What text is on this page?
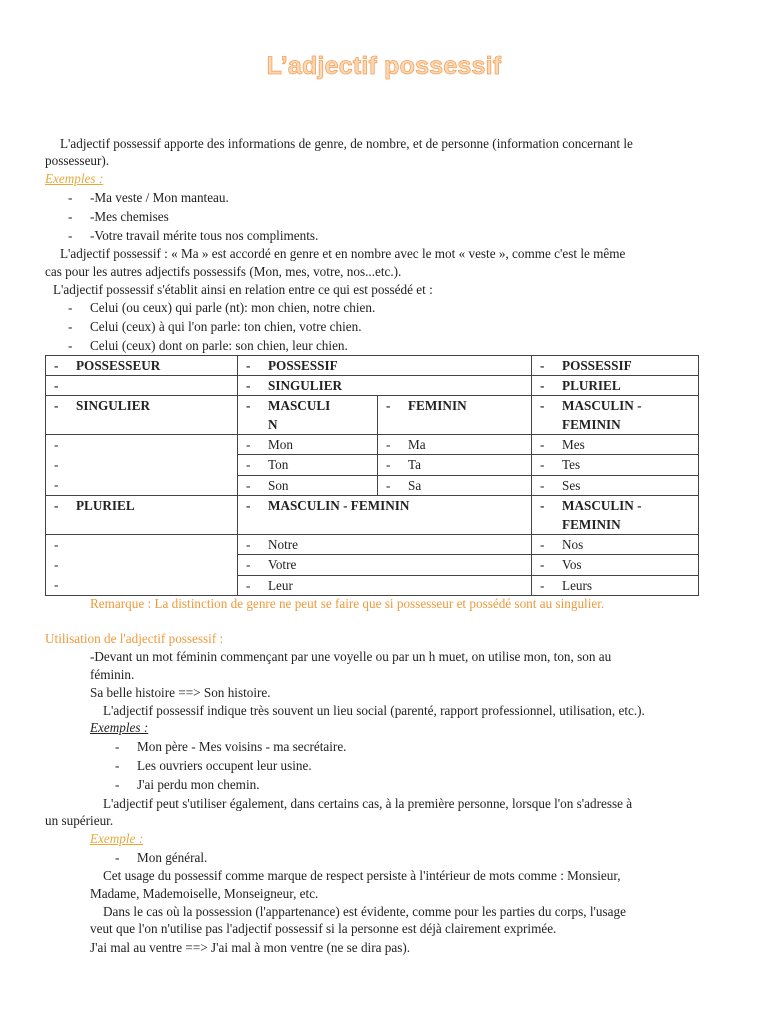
L’adjectif possessif
L'adjectif possessif apporte des informations de genre, de nombre, et de personne (information concernant le
possesseur).
Exemples :
- -Ma veste / Mon manteau.
- -Mes chemises
- -Votre travail mérite tous nos compliments.
L'adjectif possessif : « Ma » est accordé en genre et en nombre avec le mot « veste », comme c'est le même
cas pour les autres adjectifs possessifs (Mon, mes, votre, nos...etc.).
L'adjectif possessif s'établit ainsi en relation entre ce qui est possédé et :
- Celui (ou ceux) qui parle (nt): mon chien, notre chien.
- Celui (ceux) à qui l'on parle: ton chien, votre chien.
- Celui (ceux) dont on parle: son chien, leur chien.
- POSSESSEUR	- POSSESSIF		- POSSESSIF
-	- SINGULIER		- PLURIEL
- SINGULIER	- MASCULI
N	- FEMININ	- MASCULIN -
FEMININ

-
-
-	- Mon	- Ma	- Mes
	- Ton	- Ta	- Tes
	- Son	- Sa	- Ses
- PLURIEL	- MASCULIN - FEMININ		- MASCULIN -
FEMININ

-
-
-	- Notre		- Nos
	- Votre		- Vos
	- Leur		- Leurs
Remarque : La distinction de genre ne peut se faire que si possesseur et possédé sont au singulier.
Utilisation de l'adjectif possessif :
-Devant un mot féminin commençant par une voyelle ou par un h muet, on utilise mon, ton, son au
féminin.
Sa belle histoire ==> Son histoire.
L'adjectif possessif indique très souvent un lieu social (parenté, rapport professionnel, utilisation, etc.).
Exemples :
- Mon père - Mes voisins - ma secrétaire.
- Les ouvriers occupent leur usine.
- J'ai perdu mon chemin.
L'adjectif peut s'utiliser également, dans certains cas, à la première personne, lorsque l'on s'adresse à
un supérieur.
Exemple :
- Mon général.
Cet usage du possessif comme marque de respect persiste à l'intérieur de mots comme : Monsieur,
Madame, Mademoiselle, Monseigneur, etc.
Dans le cas où la possession (l'appartenance) est évidente, comme pour les parties du corps, l'usage
veut que l'on n'utilise pas l'adjectif possessif si la personne est déjà clairement exprimée.
J'ai mal au ventre ==> J'ai mal à mon ventre (ne se dira pas).
